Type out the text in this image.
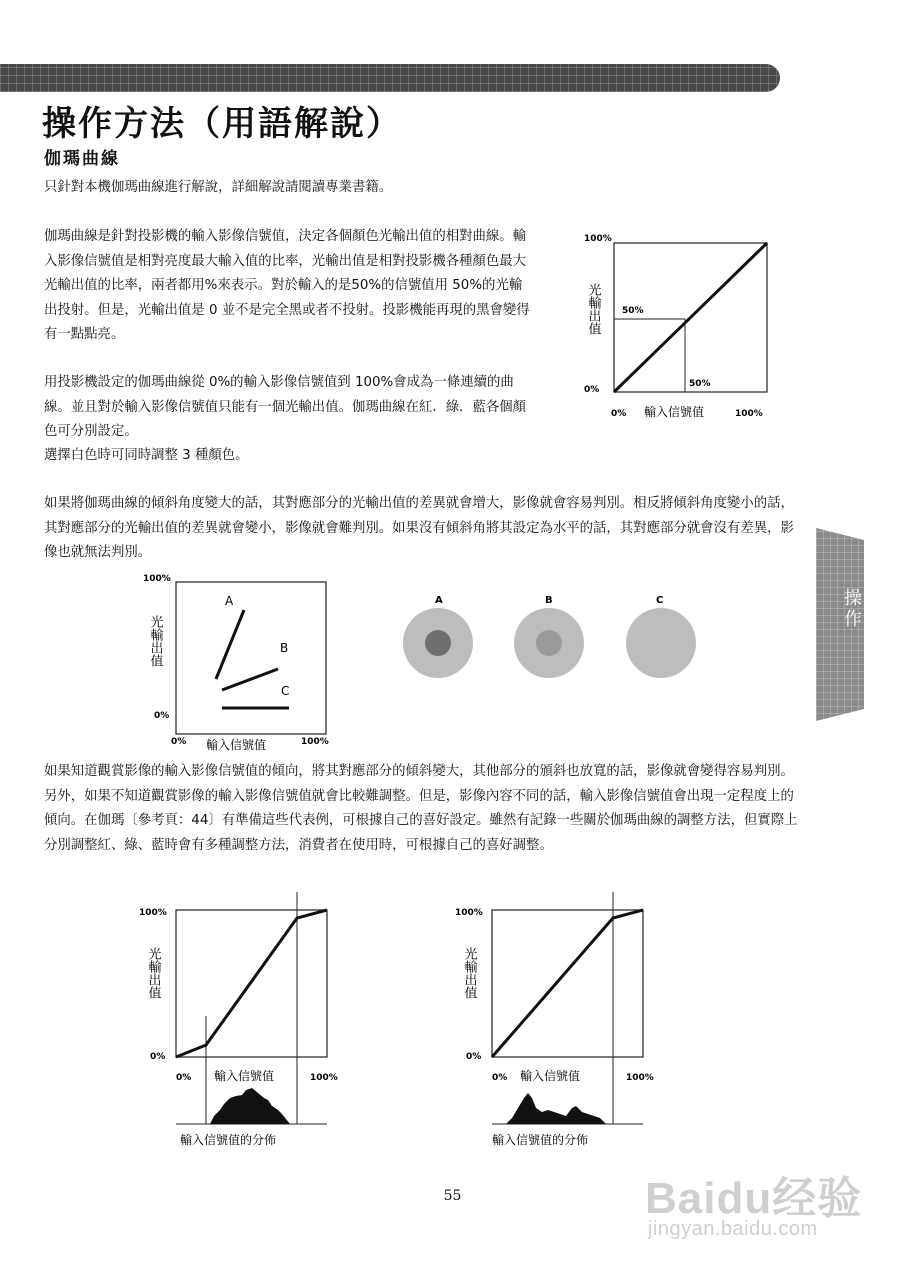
操作方法（用語解說）
伽瑪曲線

只針對本機伽瑪曲線進行解說，詳細解說請閱讀專業書籍。

伽瑪曲線是針對投影機的輸入影像信號值，決定各個顏色光輸出值的相對曲線。輸入影像信號值是相對亮度最大輸入值的比率，光輸出值是相對投影機各種顏色最大光輸出值的比率，兩者都用%來表示。對於輸入的是50%的信號值用 50%的光輸出投射。但是，光輸出值是 0 並不是完全黑或者不投射。投影機能再現的黑會變得有一點點亮。

用投影機設定的伽瑪曲線從 0%的輸入影像信號值到 100%會成為一條連續的曲線。並且對於輸入影像信號值只能有一個光輸出值。伽瑪曲線在紅．綠．藍各個顏色可分別設定。

選擇白色時可同時調整 3 種顏色。

100%
0%
0%	100%
輸入信號值
光輸出值 50%
50%

如果將伽瑪曲線的傾斜角度變大的話，其對應部分的光輸出值的差異就會增大，影像就會容易判別。相反將傾斜角度變小的話，其對應部分的光輸出值的差異就會變小，影像就會難判別。如果沒有傾斜角將其設定為水平的話，其對應部分就會沒有差異，影像也就無法判別。

100%
0%
0%	100%
輸入信號值
光輸出值
A
B
C
A	B	C

如果知道觀賞影像的輸入影像信號值的傾向，將其對應部分的傾斜變大，其他部分的頒斜也放寬的話，影像就會變得容易判別。另外，如果不知道觀賞影像的輸入影像信號值就會比較難調整。但是，影像內容不同的話，輸入影像信號值會出現一定程度上的傾向。在伽瑪〔參考頁：44〕有準備這些代表例，可根據自己的喜好設定。雖然有記錄一些關於伽瑪曲線的調整方法，但實際上分別調整紅、綠、藍時會有多種調整方法，消費者在使用時，可根據自己的喜好調整。

100%
0%
0%	100%
輸入信號值
光輸出值
輸入信號值的分佈
100%
0%
0%	100%
輸入信號值
光輸出值
輸入信號值的分佈
操作
55	Baidu经验
jingyan.baidu.com
